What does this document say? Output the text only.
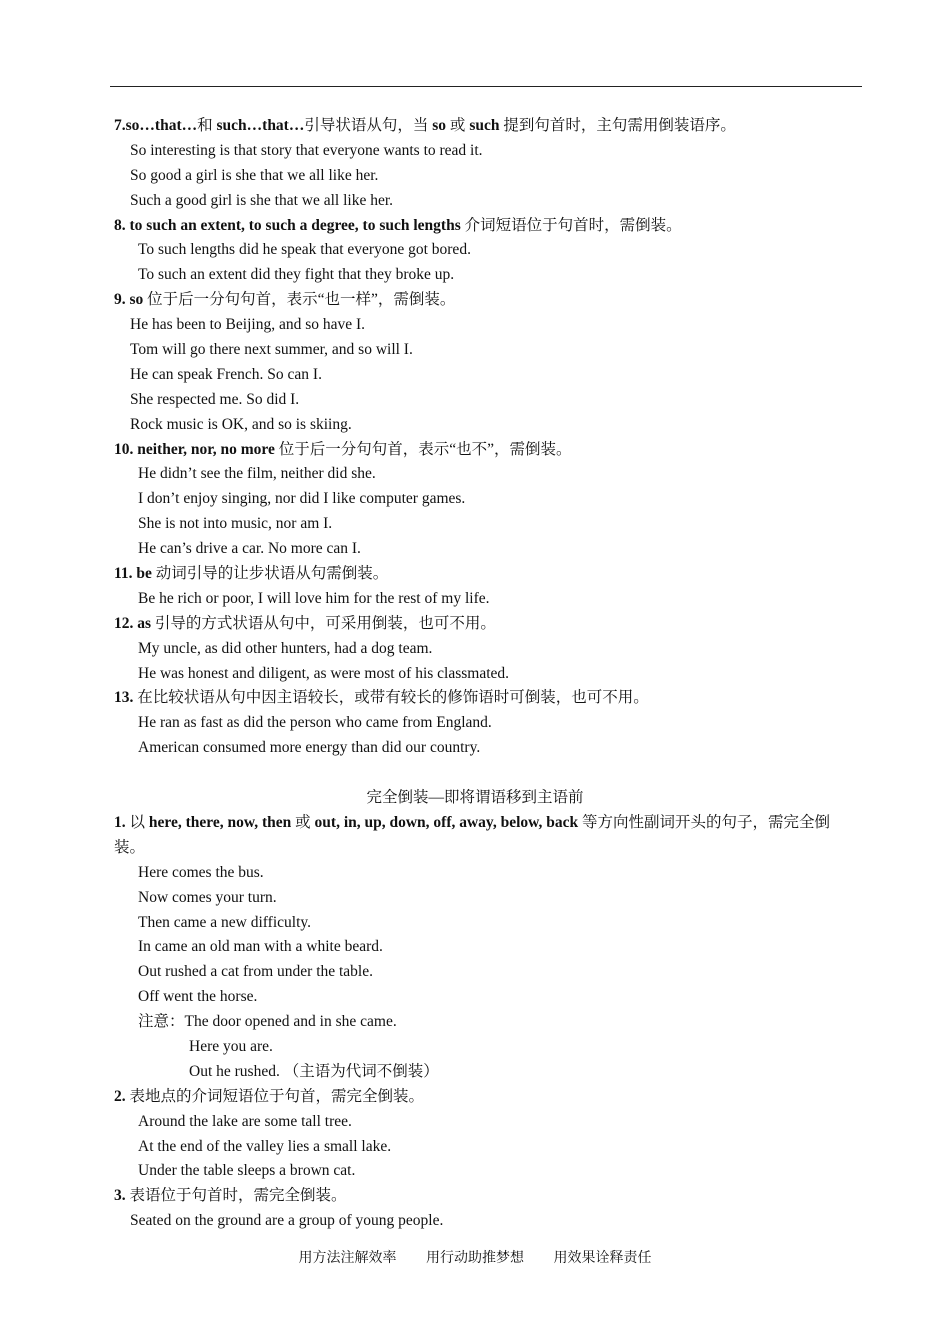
7.so…that…和 such…that…引导状语从句，当 so 或 such 提到句首时，主句需用倒装语序。
So interesting is that story that everyone wants to read it.
So good a girl is she that we all like her.
Such a good girl is she that we all like her.
8. to such an extent, to such a degree, to such lengths 介词短语位于句首时，需倒装。
To such lengths did he speak that everyone got bored.
To such an extent did they fight that they broke up.
9. so 位于后一分句句首，表示“也一样”，需倒装。
He has been to Beijing, and so have I.
Tom will go there next summer, and so will I.
He can speak French. So can I.
She respected me. So did I.
Rock music is OK, and so is skiing.
10. neither, nor, no more 位于后一分句句首，表示“也不”，需倒装。
He didn’t see the film, neither did she.
I don’t enjoy singing, nor did I like computer games.
She is not into music, nor am I.
He can’s drive a car. No more can I.
11. be 动词引导的让步状语从句需倒装。
Be he rich or poor, I will love him for the rest of my life.
12. as 引导的方式状语从句中，可采用倒装，也可不用。
My uncle, as did other hunters, had a dog team.
He was honest and diligent, as were most of his classmated.
13. 在比较状语从句中因主语较长，或带有较长的修饰语时可倒装，也可不用。
He ran as fast as did the person who came from England.
American consumed more energy than did our country.
完全倒装—即将谓语移到主语前
1. 以 here, there, now, then 或 out, in, up, down, off, away, below, back 等方向性副词开头的句子，需完全倒装。
Here comes the bus.
Now comes your turn.
Then came a new difficulty.
In came an old man with a white beard.
Out rushed a cat from under the table.
Off went the horse.
注意：The door opened and in she came.
Here you are.
Out he rushed. （主语为代词不倒装）
2. 表地点的介词短语位于句首，需完全倒装。
Around the lake are some tall tree.
At the end of the valley lies a small lake.
Under the table sleeps a brown cat.
3. 表语位于句首时，需完全倒装。
Seated on the ground are a group of young people.
用方法注解效率 用行动助推梦想 用效果诠释责任
